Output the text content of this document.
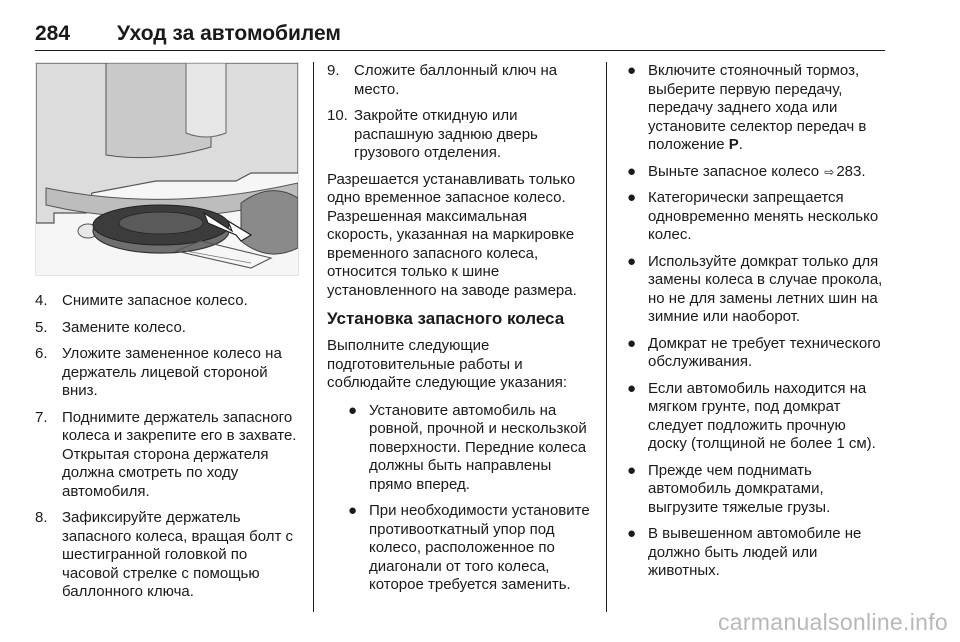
284 Уход за автомобилем
4. Снимите запасное колесо.
5. Замените колесо.
6. Уложите замененное колесо на держатель лицевой стороной вниз.
7. Поднимите держатель запасного колеса и закрепите его в захвате. Открытая сторона держателя должна смотреть по ходу автомобиля.
8. Зафиксируйте держатель запасного колеса, вращая болт с шестигранной головкой по часовой стрелке с помощью баллонного ключа.
9. Сложите баллонный ключ на место.
10. Закройте откидную или распашную заднюю дверь грузового отделения.

Разрешается устанавливать только одно временное запасное колесо. Разрешенная максимальная скорость, указанная на маркировке временного запасного колеса, относится только к шине установленного на заводе размера.

Установка запасного колеса

Выполните следующие подготовительные работы и соблюдайте следующие указания:

● Установите автомобиль на ровной, прочной и нескользкой поверхности. Передние колеса должны быть направлены прямо вперед.
● При необходимости установите противооткатный упор под колесо, расположенное по диагонали от того колеса, которое требуется заменить.
● Включите стояночный тормоз, выберите первую передачу, передачу заднего хода или установите селектор передач в положение P.
● Выньте запасное колесо ⇨ 283.
● Категорически запрещается одновременно менять несколько колес.
● Используйте домкрат только для замены колеса в случае прокола, но не для замены летних шин на зимние или наоборот.
● Домкрат не требует технического обслуживания.
● Если автомобиль находится на мягком грунте, под домкрат следует подложить прочную доску (толщиной не более 1 см).
● Прежде чем поднимать автомобиль домкратами, выгрузите тяжелые грузы.
● В вывешенном автомобиле не должно быть людей или животных.
carmanualsonline.info
